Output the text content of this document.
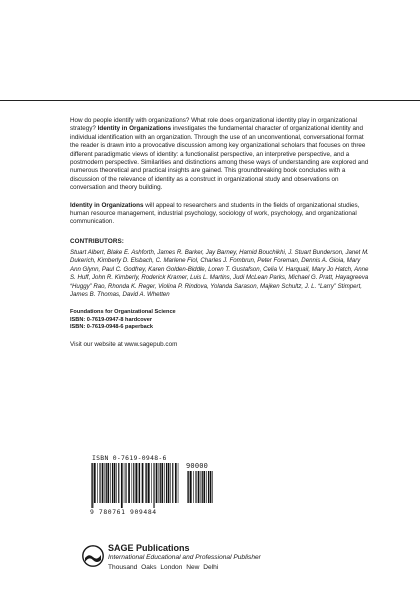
How do people identify with organizations? What role does organizational identity play in organizational strategy? Identity in Organizations investigates the fundamental character of organizational identity and individual identification with an organization. Through the use of an unconventional, conversational format the reader is drawn into a provocative discussion among key organizational scholars that focuses on three different paradigmatic views of identity: a functionalist perspective, an interpretive perspective, and a postmodern perspective. Similarities and distinctions among these ways of understanding are explored and numerous theoretical and practical insights are gained. This groundbreaking book concludes with a discussion of the relevance of identity as a construct in organizational study and observations on conversation and theory building.

Identity in Organizations will appeal to researchers and students in the fields of organizational studies, human resource management, industrial psychology, sociology of work, psychology, and organizational communication.

CONTRIBUTORS:
Stuart Albert, Blake E. Ashforth, James R. Barker, Jay Barney, Hamid Bouchikhi, J. Stuart Bunderson, Janet M. Dukerich, Kimberly D. Elsbach, C. Marlene Fiol, Charles J. Fombrun, Peter Foreman, Dennis A. Gioia, Mary Ann Glynn, Paul C. Godfrey, Karen Golden-Biddle, Loren T. Gustafson, Celia V. Harquail, Mary Jo Hatch, Anne S. Huff, John R. Kimberly, Roderick Kramer, Luis L. Martins, Judi McLean Parks, Michael G. Pratt, Hayagreeva “Huggy” Rao, Rhonda K. Reger, Violina P. Rindova, Yolanda Sarason, Majken Schultz, J. L. “Larry” Stimpert, James B. Thomas, David A. Whetten
Foundations for Organizational Science
ISBN: 0-7619-0947-8 hardcover
ISBN: 0-7619-0948-6 paperback
Visit our website at www.sagepub.com
ISBN 0-7619-0948-6
90000
9 780761 909484
SAGE Publications
International Educational and Professional Publisher
Thousand Oaks London New Delhi
